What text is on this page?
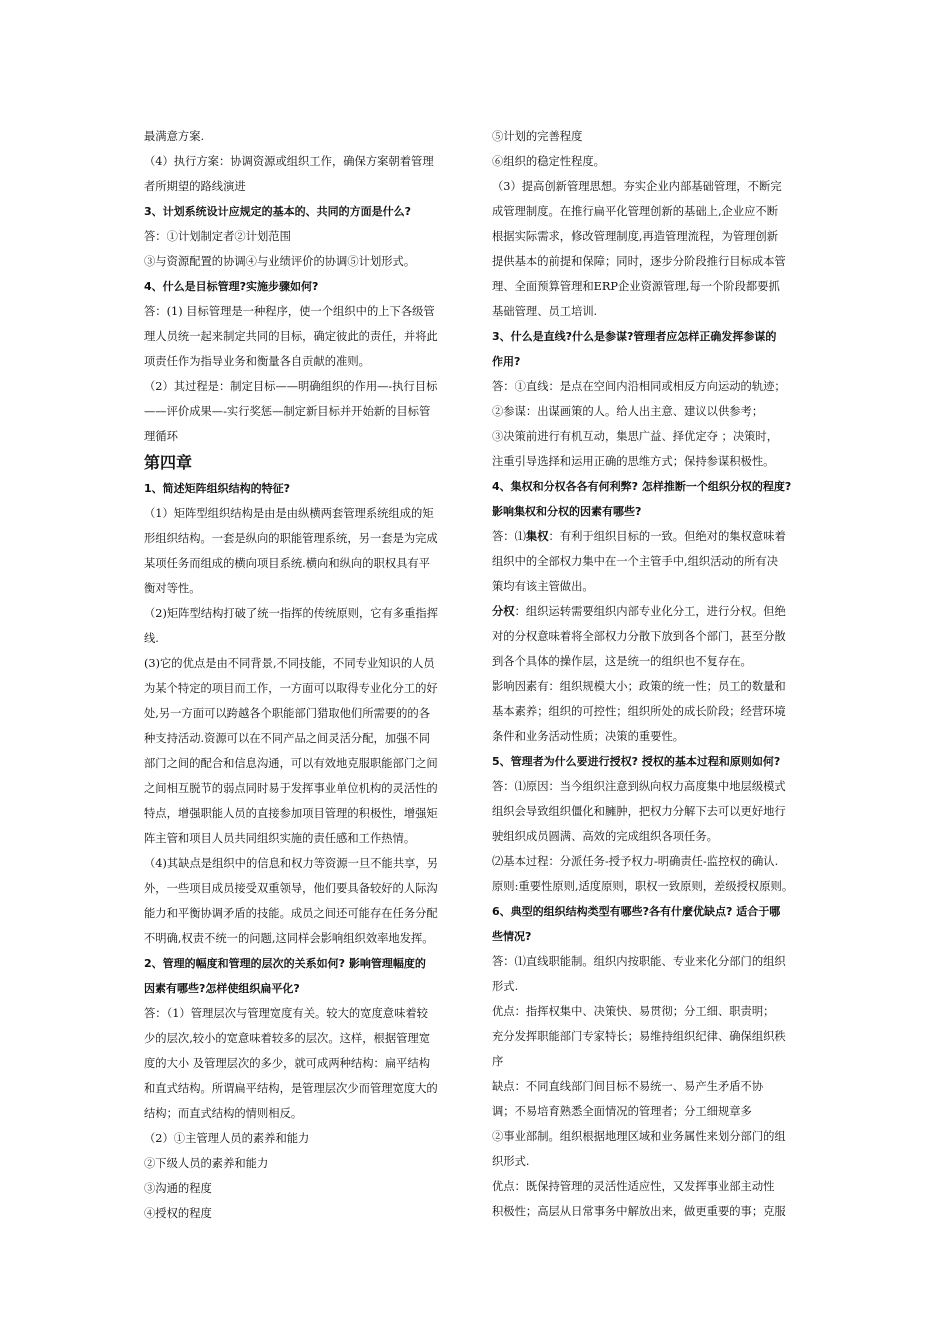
最满意方案.
（4）执行方案：协调资源或组织工作，确保方案朝着管理
者所期望的路线演进
3、计划系统设计应规定的基本的、共同的方面是什么?
答：①计划制定者②计划范围
③与资源配置的协调④与业绩评价的协调⑤计划形式。
4、什么是目标管理?实施步骤如何?
答：(1) 目标管理是一种程序，使一个组织中的上下各级管
理人员统一起来制定共同的目标，确定彼此的责任，并将此
项责任作为指导业务和衡量各自贡献的准则。
（2）其过程是：制定目标——明确组织的作用—-执行目标
——评价成果—-实行奖惩—制定新目标并开始新的目标管
理循环
第四章
1、简述矩阵组织结构的特征?
（1）矩阵型组织结构是由是由纵横两套管理系统组成的矩
形组织结构。一套是纵向的职能管理系统，另一套是为完成
某项任务而组成的横向项目系统.横向和纵向的职权具有平
衡对等性。
（2)矩阵型结构打破了统一指挥的传统原则，它有多重指挥
线.
(3)它的优点是由不同背景,不同技能，不同专业知识的人员
为某个特定的项目而工作，一方面可以取得专业化分工的好
处,另一方面可以跨越各个职能部门猎取他们所需要的的各
种支持活动.资源可以在不同产品之间灵活分配，加强不同
部门之间的配合和信息沟通，可以有效地克服职能部门之间
之间相互脱节的弱点同时易于发挥事业单位机构的灵活性的
特点，增强职能人员的直接参加项目管理的积极性，增强矩
阵主管和项目人员共同组织实施的责任感和工作热情。
（4)其缺点是组织中的信息和权力等资源一旦不能共享，另
外，一些项目成员接受双重领导，他们要具备较好的人际沟
能力和平衡协调矛盾的技能。成员之间还可能存在任务分配
不明确,权责不统一的问题,这同样会影响组织效率地发挥。
2、管理的幅度和管理的层次的关系如何? 影响管理幅度的
因素有哪些?怎样使组织扁平化?
答：（1）管理层次与管理宽度有关。较大的宽度意味着较
少的层次,较小的宽意味着较多的层次。这样，根据管理宽
度的大小 及管理层次的多少，就可成两种结构：扁平结构
和直式结构。所谓扁平结构，是管理层次少而管理宽度大的
结构；而直式结构的情则相反。
（2）①主管理人员的素养和能力
②下级人员的素养和能力
③沟通的程度
④授权的程度
⑤计划的完善程度
⑥组织的稳定性程度。
（3）提高创新管理思想。夯实企业内部基础管理，不断完
成管理制度。在推行扁平化管理创新的基础上,企业应不断
根据实际需求，修改管理制度,再造管理流程，为管理创新
提供基本的前提和保障；同时，逐步分阶段推行目标成本管
理、全面预算管理和ERP企业资源管理,每一个阶段都要抓
基础管理、员工培训.
3、什么是直线?什么是参谋?管理者应怎样正确发挥参谋的
作用?
答：①直线：是点在空间内沿相同或相反方向运动的轨迹；
②参谋：出谋画策的人。给人出主意、建议以供参考；
③决策前进行有机互动，集思广益、择优定夺 ；决策时，
注重引导选择和运用正确的思维方式；保持参谋积极性。
4、集权和分权各各有何利弊? 怎样推断一个组织分权的程度?
影响集权和分权的因素有哪些?
答：⑴集权：有利于组织目标的一致。但绝对的集权意味着
组织中的全部权力集中在一个主管手中,组织活动的所有决
策均有该主管做出。
分权：组织运转需要组织内部专业化分工，进行分权。但绝
对的分权意味着将全部权力分散下放到各个部门，甚至分散
到各个具体的操作层，这是统一的组织也不复存在。
影响因素有：组织规模大小；政策的统一性；员工的数量和
基本素养；组织的可控性；组织所处的成长阶段；经营环境
条件和业务活动性质；决策的重要性。
5、管理者为什么要进行授权? 授权的基本过程和原则如何?
答：⑴原因：当今组织注意到纵向权力高度集中地层级模式
组织会导致组织僵化和臃肿，把权力分解下去可以更好地行
驶组织成员圆满、高效的完成组织各项任务。
⑵基本过程：分派任务-授予权力-明确责任-监控权的确认.
原则:重要性原则,适度原则，职权一致原则，差级授权原则。
6、典型的组织结构类型有哪些?各有什麼优缺点? 适合于哪
些情况?
答：⑴直线职能制。组织内按职能、专业来化分部门的组织
形式.
优点：指挥权集中、决策快、易贯彻；分工细、职责明；
充分发挥职能部门专家特长；易维持组织纪律、确保组织秩
序
缺点：不同直线部门间目标不易统一、易产生矛盾不协
调；不易培育熟悉全面情况的管理者；分工细规章多
②事业部制。组织根据地理区域和业务属性来划分部门的组
织形式.
优点：既保持管理的灵活性适应性，又发挥事业部主动性
积极性；高层从日常事务中解放出来，做更重要的事；克服
